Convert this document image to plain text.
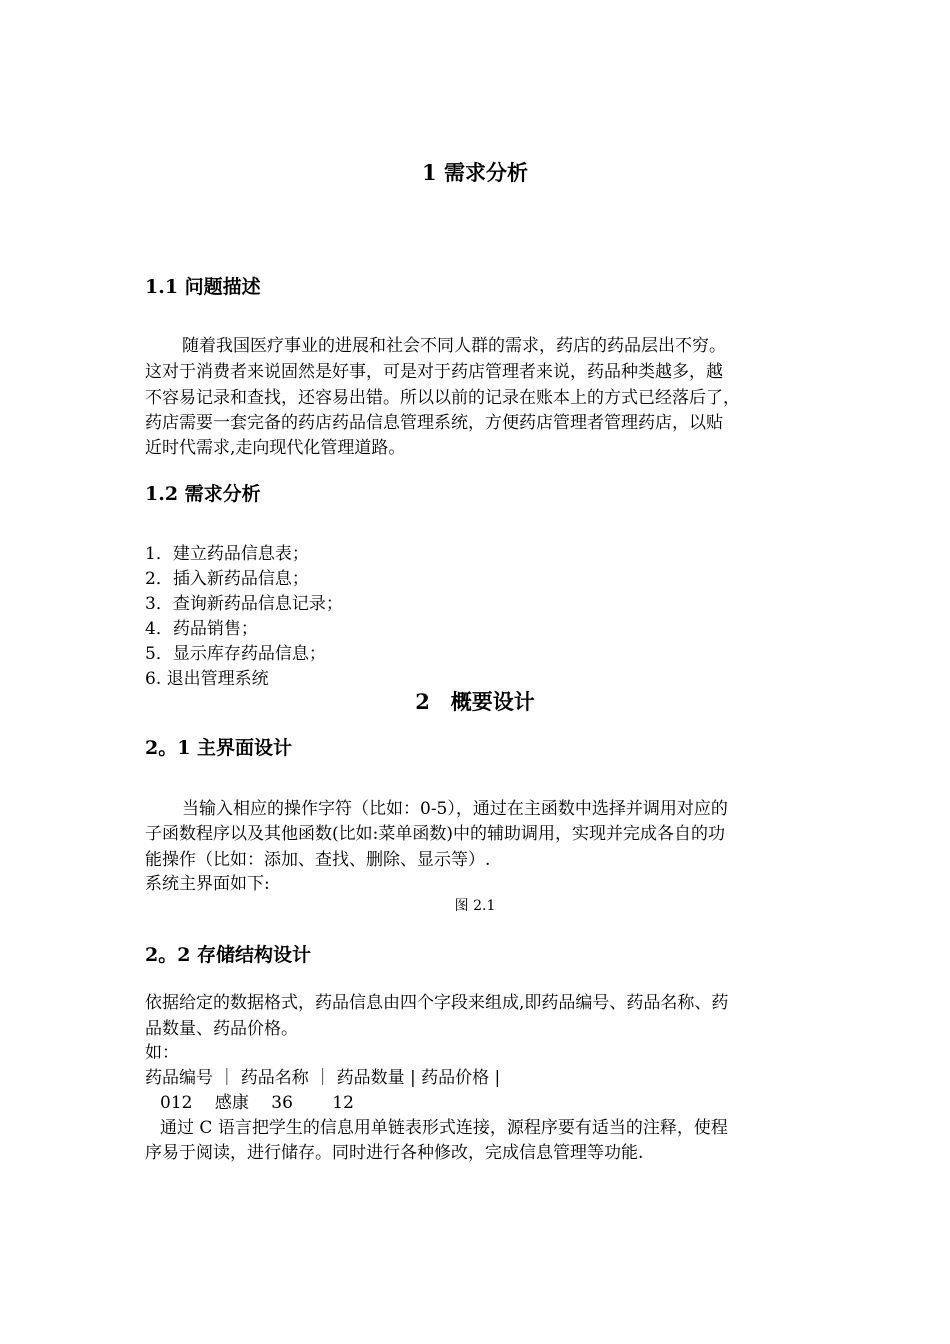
1 需求分析
1.1 问题描述
随着我国医疗事业的进展和社会不同人群的需求，药店的药品层出不穷。
这对于消费者来说固然是好事，可是对于药店管理者来说，药品种类越多，越
不容易记录和查找，还容易出错。所以以前的记录在账本上的方式已经落后了，
药店需要一套完备的药店药品信息管理系统，方便药店管理者管理药店，以贴
近时代需求,走向现代化管理道路。
1.2 需求分析
1．建立药品信息表；
2．插入新药品信息；
3．查询新药品信息记录；
4．药品销售；
5．显示库存药品信息；
6. 退出管理系统
2　概要设计
2。1 主界面设计
当输入相应的操作字符（比如：0-5），通过在主函数中选择并调用对应的
子函数程序以及其他函数(比如:菜单函数)中的辅助调用，实现并完成各自的功
能操作（比如：添加、查找、删除、显示等）.
系统主界面如下:
图 2.1
2。2 存储结构设计
依据给定的数据格式，药品信息由四个字段来组成,即药品编号、药品名称、药
品数量、药品价格。
如：
药品编号 ｜ 药品名称 ｜ 药品数量 | 药品价格 |
012　 感康　 36　　 12
通过 C 语言把学生的信息用单链表形式连接，源程序要有适当的注释，使程
序易于阅读，进行储存。同时进行各种修改，完成信息管理等功能.
